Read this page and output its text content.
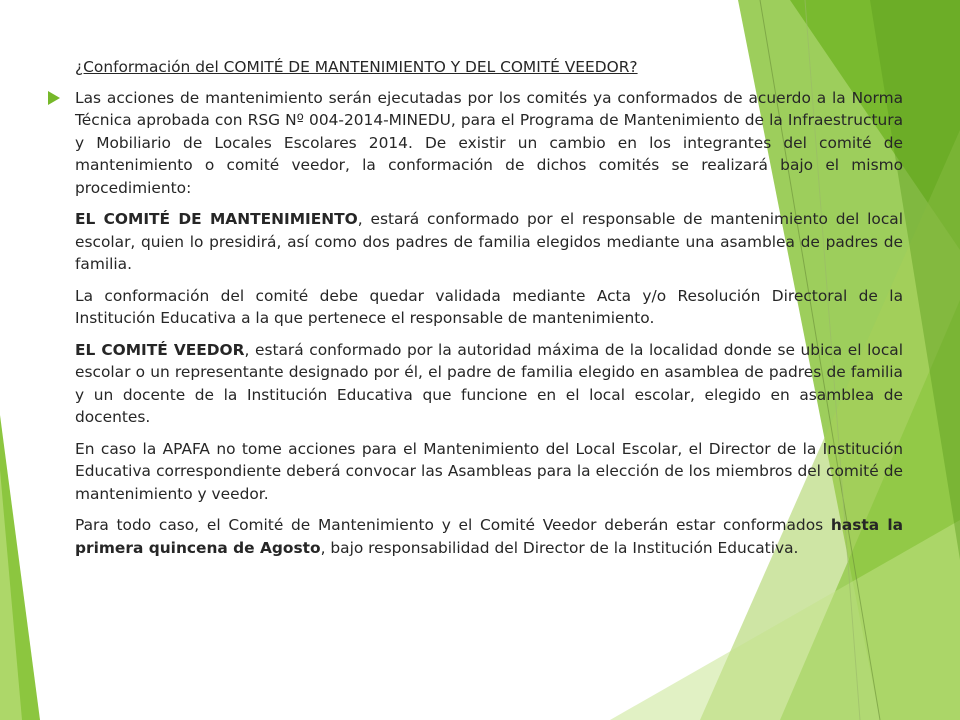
¿Conformación del COMITÉ DE MANTENIMIENTO Y DEL COMITÉ VEEDOR?

Las acciones de mantenimiento serán ejecutadas por los comités ya conformados de acuerdo a la Norma Técnica aprobada con RSG Nº 004-2014-MINEDU, para el Programa de Mantenimiento de la Infraestructura y Mobiliario de Locales Escolares 2014. De existir un cambio en los integrantes del comité de mantenimiento o comité veedor, la conformación de dichos comités se realizará bajo el mismo procedimiento:

EL COMITÉ DE MANTENIMIENTO, estará conformado por el responsable de mantenimiento del local escolar, quien lo presidirá, así como dos padres de familia elegidos mediante una asamblea de padres de familia.

La conformación del comité debe quedar validada mediante Acta y/o Resolución Directoral de la Institución Educativa a la que pertenece el responsable de mantenimiento.

EL COMITÉ VEEDOR, estará conformado por la autoridad máxima de la localidad donde se ubica el local escolar o un representante designado por él, el padre de familia elegido en asamblea de padres de familia y un docente de la Institución Educativa que funcione en el local escolar, elegido en asamblea de docentes.

En caso la APAFA no tome acciones para el Mantenimiento del Local Escolar, el Director de la Institución Educativa correspondiente deberá convocar las Asambleas para la elección de los miembros del comité de mantenimiento y veedor.

Para todo caso, el Comité de Mantenimiento y el Comité Veedor deberán estar conformados hasta la primera quincena de Agosto, bajo responsabilidad del Director de la Institución Educativa.
